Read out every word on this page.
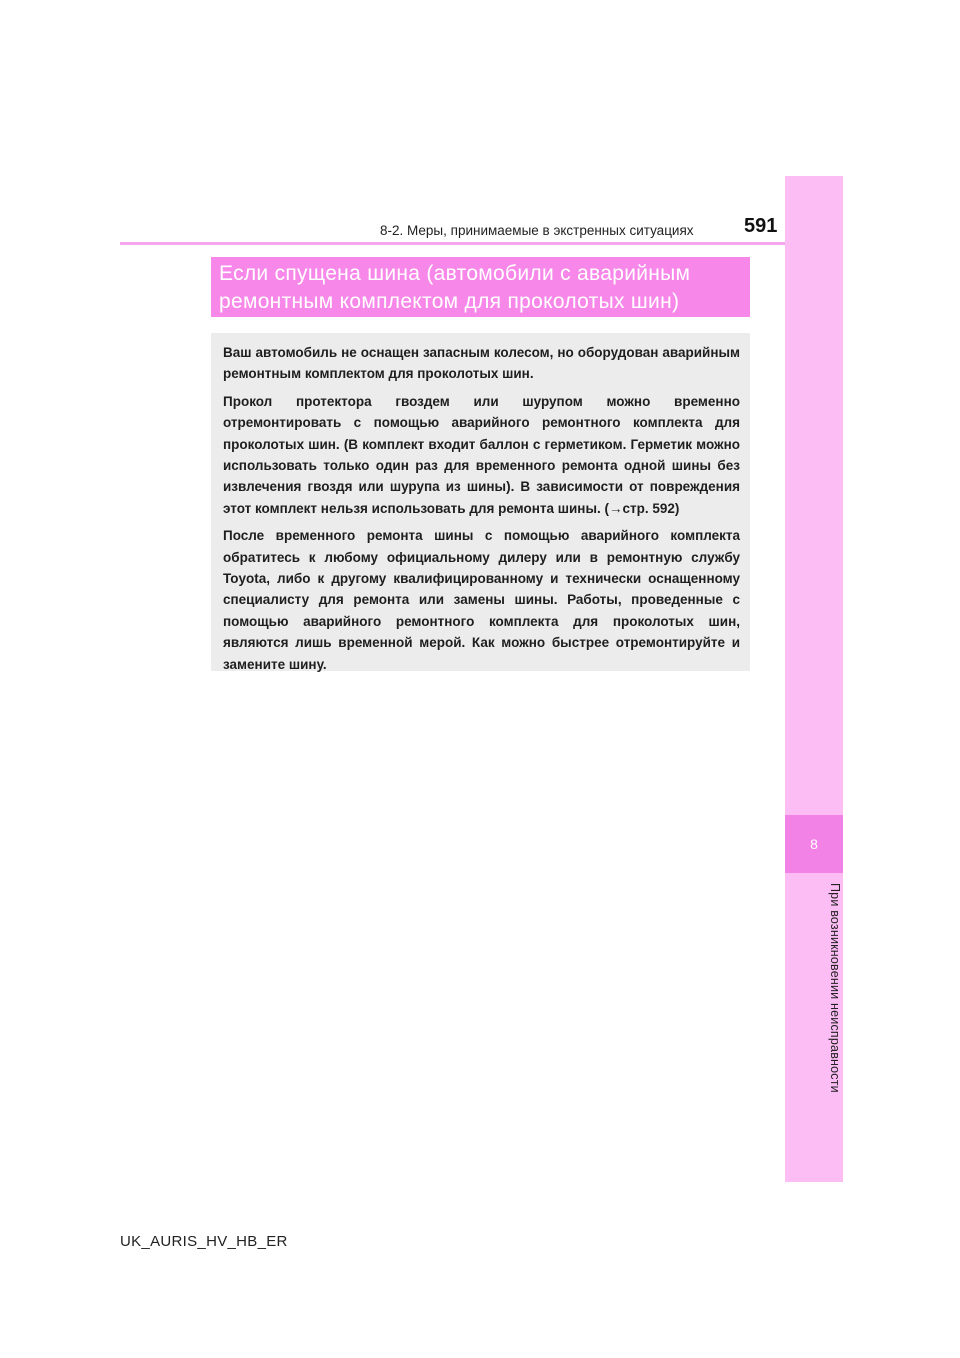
8
При возникновении неисправности
8-2. Меры, принимаемые в экстренных ситуациях	591
Если спущена шина (автомобили с аварийным
ремонтным комплектом для проколотых шин)

Ваш автомобиль не оснащен запасным колесом, но оборудован аварийным ремонтным комплектом для проколотых шин.

Прокол протектора гвоздем или шурупом можно временно отремонтировать с помощью аварийного ремонтного комплекта для проколотых шин. (В комплект входит баллон с герметиком. Герметик можно использовать только один раз для временного ремонта одной шины без извлечения гвоздя или шурупа из шины). В зависимости от повреждения этот комплект нельзя использовать для ремонта шины. (→стр. 592)

После временного ремонта шины с помощью аварийного комплекта обратитесь к любому официальному дилеру или в ремонтную службу Toyota, либо к другому квалифицированному и технически оснащенному специалисту для ремонта или замены шины. Работы, проведенные с помощью аварийного ремонтного комплекта для проколотых шин, являются лишь временной мерой. Как можно быстрее отремонтируйте и замените шину.

UK_AURIS_HV_HB_ER
